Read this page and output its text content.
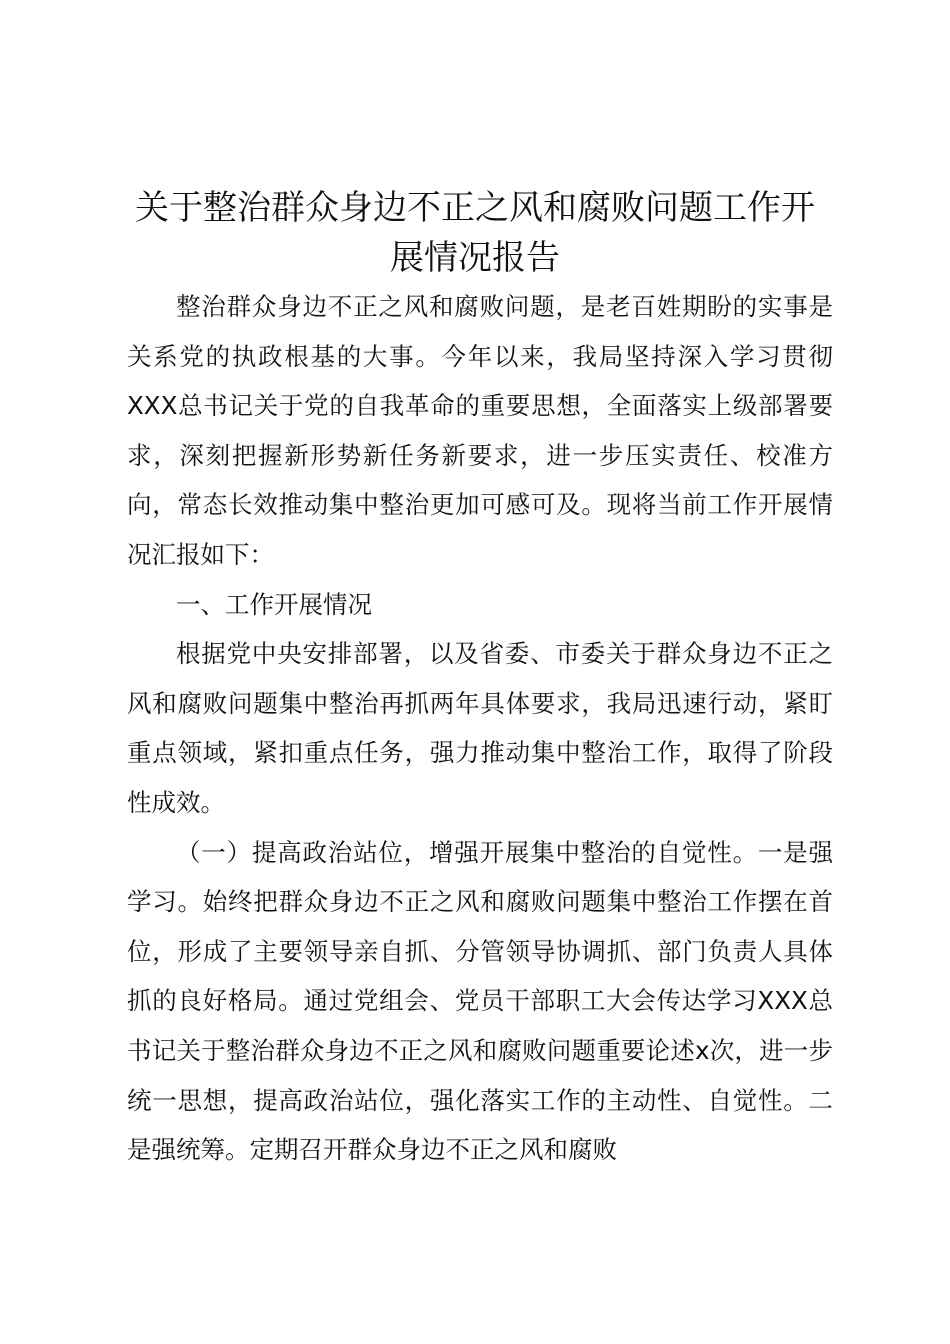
关于整治群众身边不正之风和腐败问题工作开展情况报告

整治群众身边不正之风和腐败问题，是老百姓期盼的实事是关系党的执政根基的大事。今年以来，我局坚持深入学习贯彻XXX总书记关于党的自我革命的重要思想，全面落实上级部署要求，深刻把握新形势新任务新要求，进一步压实责任、校准方向，常态长效推动集中整治更加可感可及。现将当前工作开展情况汇报如下：

一、工作开展情况

根据党中央安排部署，以及省委、市委关于群众身边不正之风和腐败问题集中整治再抓两年具体要求，我局迅速行动，紧盯重点领域，紧扣重点任务，强力推动集中整治工作，取得了阶段性成效。

（一）提高政治站位，增强开展集中整治的自觉性。一是强学习。始终把群众身边不正之风和腐败问题集中整治工作摆在首位，形成了主要领导亲自抓、分管领导协调抓、部门负责人具体抓的良好格局。通过党组会、党员干部职工大会传达学习XXX总书记关于整治群众身边不正之风和腐败问题重要论述x次，进一步统一思想，提高政治站位，强化落实工作的主动性、自觉性。二是强统筹。定期召开群众身边不正之风和腐败
